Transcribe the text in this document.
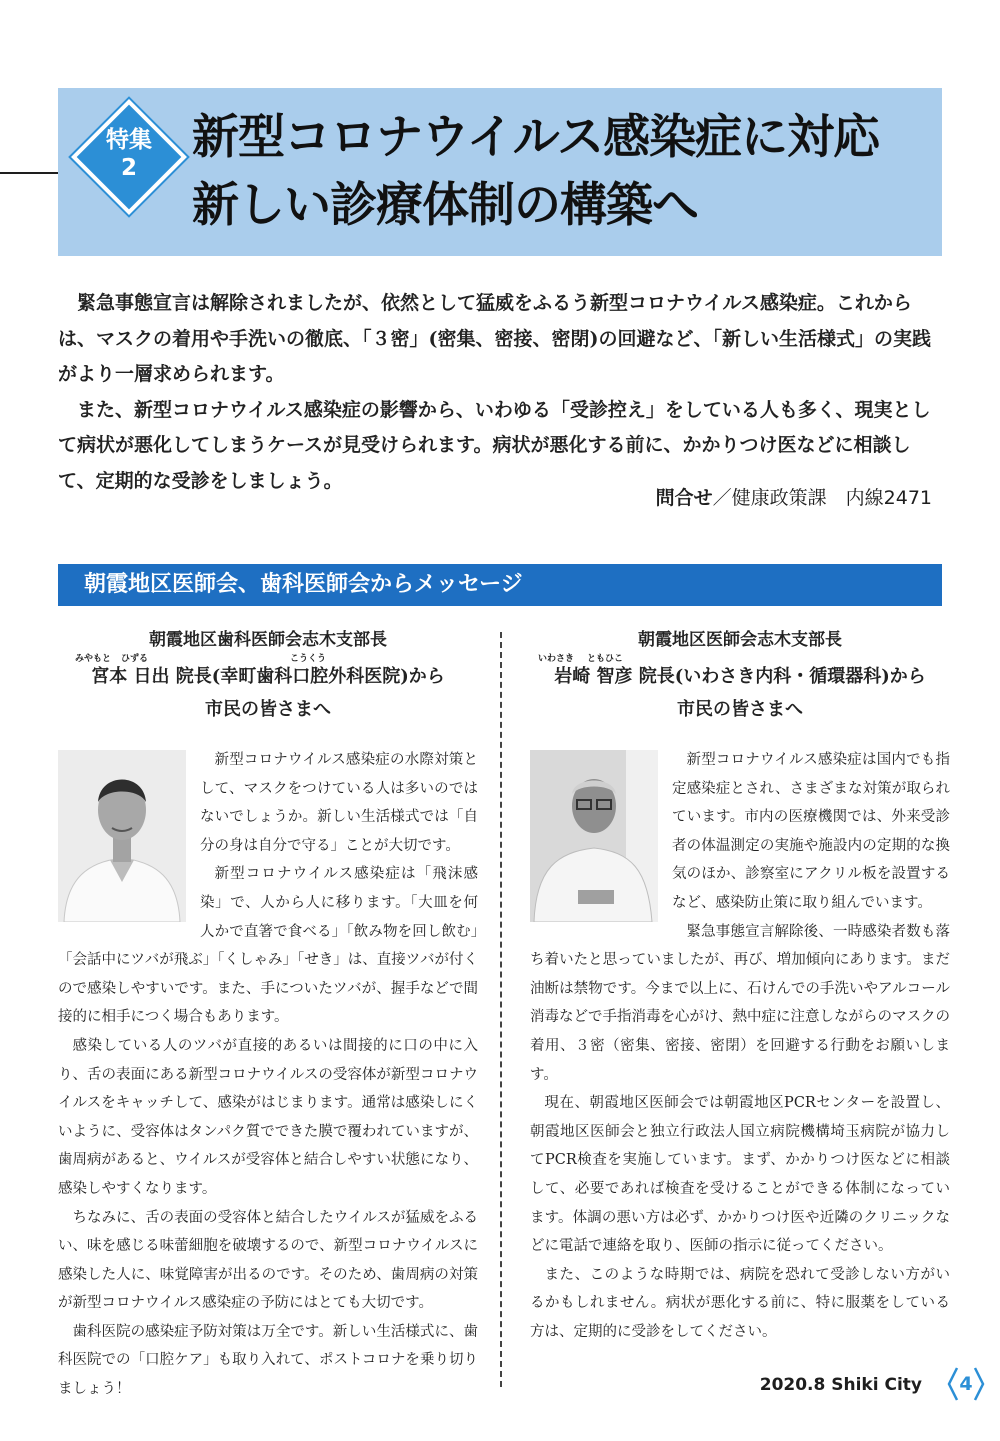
特集
2
新型コロナウイルス感染症に対応
新しい診療体制の構築へ

緊急事態宣言は解除されましたが、依然として猛威をふるう新型コロナウイルス感染症。これからは、マスクの着用や手洗いの徹底、「３密」(密集、密接、密閉)の回避など、「新しい生活様式」の実践がより一層求められます。

また、新型コロナウイルス感染症の影響から、いわゆる「受診控え」をしている人も多く、現実として病状が悪化してしまうケースが見受けられます。病状が悪化する前に、かかりつけ医などに相談して、定期的な受診をしましょう。

問合せ／健康政策課　内線2471
朝霞地区医師会、歯科医師会からメッセージ
朝霞地区歯科医師会志木支部長
みやもと ひずる	こうくう
宮本 日出 院長(幸町歯科口腔外科医院)から
市民の皆さまへ

新型コロナウイルス感染症の水際対策として、マスクをつけている人は多いのではないでしょうか。新しい生活様式では「自分の身は自分で守る」ことが大切です。

新型コロナウイルス感染症は「飛沫感染」で、人から人に移ります。「大皿を何人かで直箸で食べる」「飲み物を回し飲む」「会話中にツバが飛ぶ」「くしゃみ」「せき」は、直接ツバが付くので感染しやすいです。また、手についたツバが、握手などで間接的に相手につく場合もあります。

感染している人のツバが直接的あるいは間接的に口の中に入り、舌の表面にある新型コロナウイルスの受容体が新型コロナウイルスをキャッチして、感染がはじまります。通常は感染しにくいように、受容体はタンパク質でできた膜で覆われていますが、歯周病があると、ウイルスが受容体と結合しやすい状態になり、感染しやすくなります。

ちなみに、舌の表面の受容体と結合したウイルスが猛威をふるい、味を感じる味蕾細胞を破壊するので、新型コロナウイルスに感染した人に、味覚障害が出るのです。そのため、歯周病の対策が新型コロナウイルス感染症の予防にはとても大切です。

歯科医院の感染症予防対策は万全です。新しい生活様式に、歯科医院での「口腔ケア」も取り入れて、ポストコロナを乗り切りましょう！

朝霞地区医師会志木支部長
いわさき ともひこ
岩崎 智彦 院長(いわさき内科・循環器科)から
市民の皆さまへ

新型コロナウイルス感染症は国内でも指定感染症とされ、さまざまな対策が取られています。市内の医療機関では、外来受診者の体温測定の実施や施設内の定期的な換気のほか、診察室にアクリル板を設置するなど、感染防止策に取り組んでいます。

緊急事態宣言解除後、一時感染者数も落ち着いたと思っていましたが、再び、増加傾向にあります。まだ油断は禁物です。今まで以上に、石けんでの手洗いやアルコール消毒などで手指消毒を心がけ、熱中症に注意しながらのマスクの着用、３密（密集、密接、密閉）を回避する行動をお願いします。

現在、朝霞地区医師会では朝霞地区PCRセンターを設置し、朝霞地区医師会と独立行政法人国立病院機構埼玉病院が協力してPCR検査を実施しています。まず、かかりつけ医などに相談して、必要であれば検査を受けることができる体制になっています。体調の悪い方は必ず、かかりつけ医や近隣のクリニックなどに電話で連絡を取り、医師の指示に従ってください。

また、このような時期では、病院を恐れて受診しない方がいるかもしれません。病状が悪化する前に、特に服薬をしている方は、定期的に受診をしてください。

2020.8 Shiki City	4
